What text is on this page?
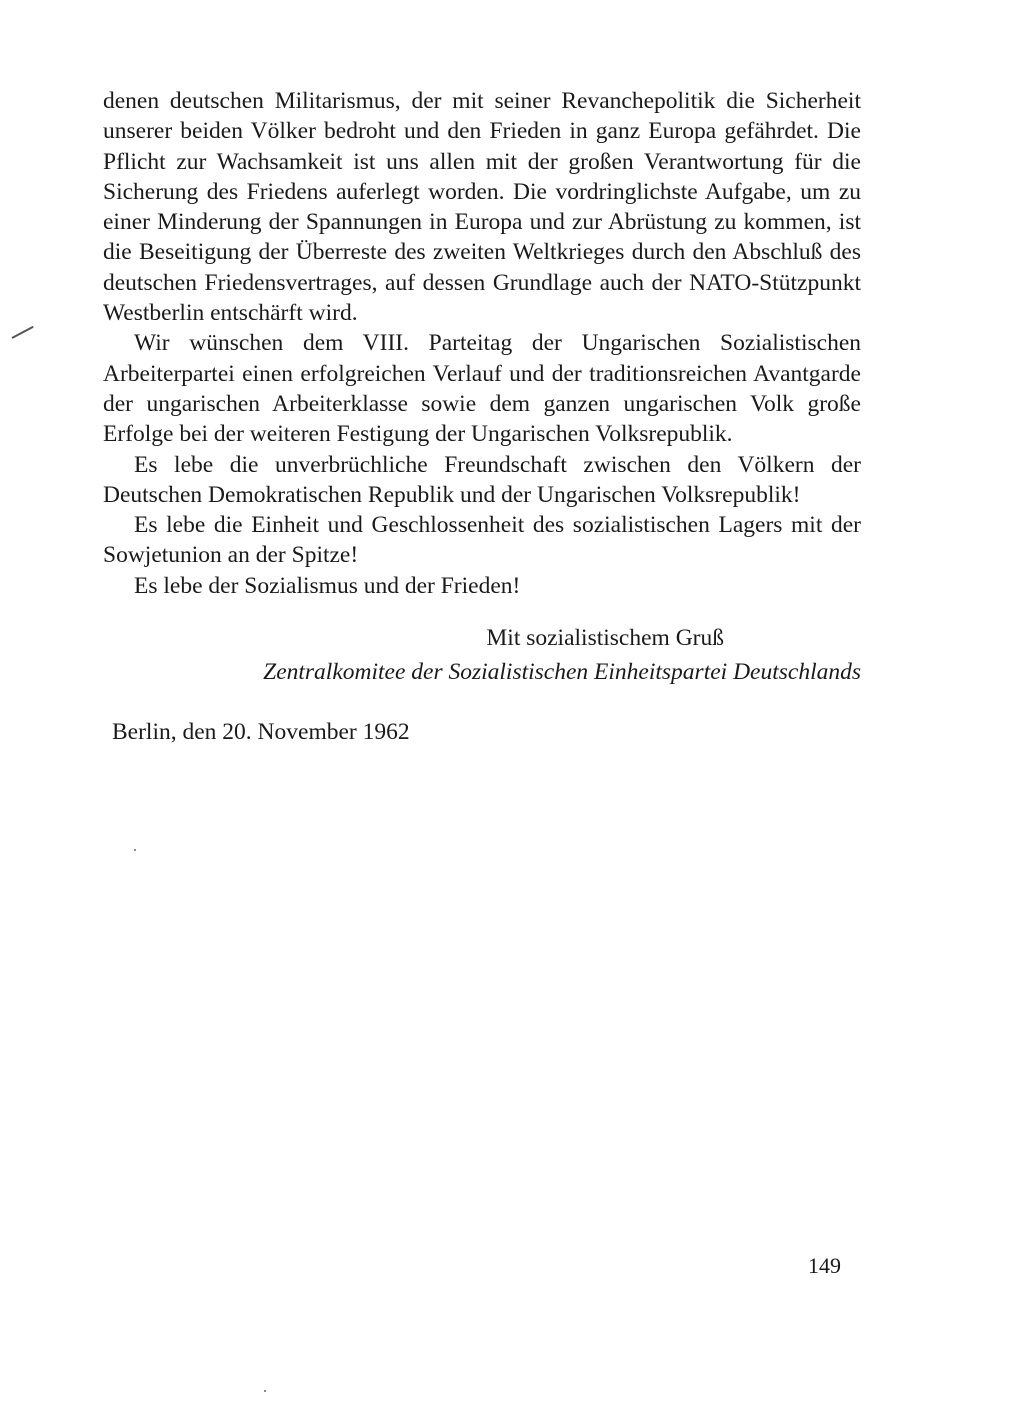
denen deutschen Militarismus, der mit seiner Revanchepolitik die Sicherheit unserer beiden Völker bedroht und den Frieden in ganz Europa gefährdet. Die Pflicht zur Wachsamkeit ist uns allen mit der großen Verantwortung für die Sicherung des Friedens auferlegt worden. Die vordringlichste Aufgabe, um zu einer Minderung der Spannungen in Europa und zur Abrüstung zu kommen, ist die Beseitigung der Überreste des zweiten Weltkrieges durch den Abschluß des deutschen Friedensvertrages, auf dessen Grundlage auch der NATO-Stützpunkt Westberlin entschärft wird.

Wir wünschen dem VIII. Parteitag der Ungarischen Sozialistischen Arbeiterpartei einen erfolgreichen Verlauf und der traditionsreichen Avantgarde der ungarischen Arbeiterklasse sowie dem ganzen ungarischen Volk große Erfolge bei der weiteren Festigung der Ungarischen Volksrepublik.

Es lebe die unverbrüchliche Freundschaft zwischen den Völkern der Deutschen Demokratischen Republik und der Ungarischen Volksrepublik!

Es lebe die Einheit und Geschlossenheit des sozialistischen Lagers mit der Sowjetunion an der Spitze!

Es lebe der Sozialismus und der Frieden!

Mit sozialistischem Gruß
Zentralkomitee der Sozialistischen Einheitspartei Deutschlands
Berlin, den 20. November 1962
149
